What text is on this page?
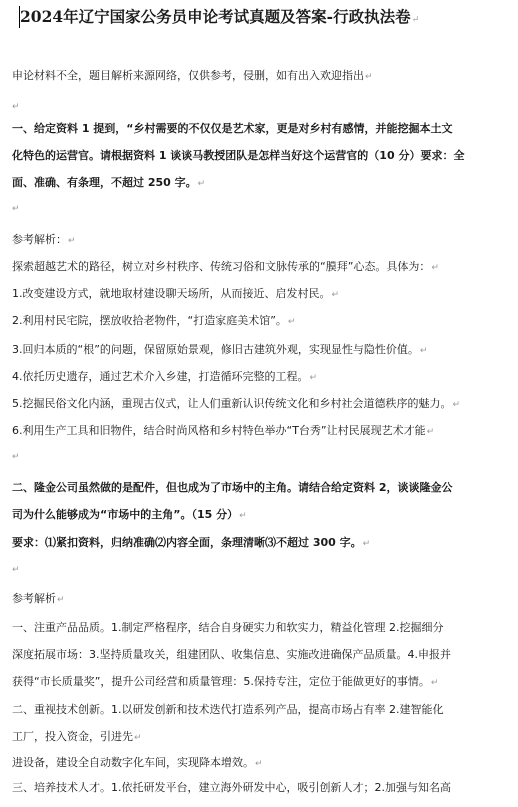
2024年辽宁国家公务员申论考试真题及答案-行政执法卷↵
申论材料不全，题目解析来源网络，仅供参考，侵删，如有出入欢迎指出↵
↵
一、给定资料 1 提到，“乡村需要的不仅仅是艺术家，更是对乡村有感情，并能挖掘本土文
化特色的运营官。请根据资料 1 谈谈马教授团队是怎样当好这个运营官的（10 分）要求：全
面、准确、有条理，不超过 250 字。↵
↵
参考解析：↵
探索超越艺术的路径，树立对乡村秩序、传统习俗和文脉传承的“膜拜”心态。具体为：↵
1.改变建设方式，就地取材建设聊天场所，从而接近、启发村民。↵
2.利用村民宅院，摆放收拾老物件，“打造家庭美术馆”。↵
3.回归本质的“根”的问题，保留原始景观，修旧古建筑外观，实现显性与隐性价值。↵
4.依托历史遗存，通过艺术介入乡建，打造循环完整的工程。↵
5.挖掘民俗文化内涵，重现古仪式，让人们重新认识传统文化和乡村社会道德秩序的魅力。↵
6.利用生产工具和旧物件，结合时尚风格和乡村特色举办“T台秀”让村民展现艺术才能↵
↵
二、隆金公司虽然做的是配件，但也成为了市场中的主角。请结合给定资料 2，谈谈隆金公
司为什么能够成为“市场中的主角”。（15 分）↵
要求：⑴紧扣资料，归纳准确⑵内容全面，条理清晰⑶不超过 300 字。↵
↵
参考解析↵
一、注重产品品质。1.制定严格程序，结合自身硬实力和软实力，精益化管理 2.挖掘细分
深度拓展市场：3.坚持质量攻关，组建团队、收集信息、实施改进确保产品质量。4.申报并
获得“市长质量奖”，提升公司经营和质量管理：5.保持专注，定位于能做更好的事情。↵
二、重视技术创新。1.以研发创新和技术迭代打造系列产品，提高市场占有率 2.建智能化
工厂，投入资金，引进先↵
进设备，建设全自动数字化车间，实现降本增效。↵
三、培养技术人才。1.依托研发平台，建立海外研发中心，吸引创新人才；2.加强与知名高
